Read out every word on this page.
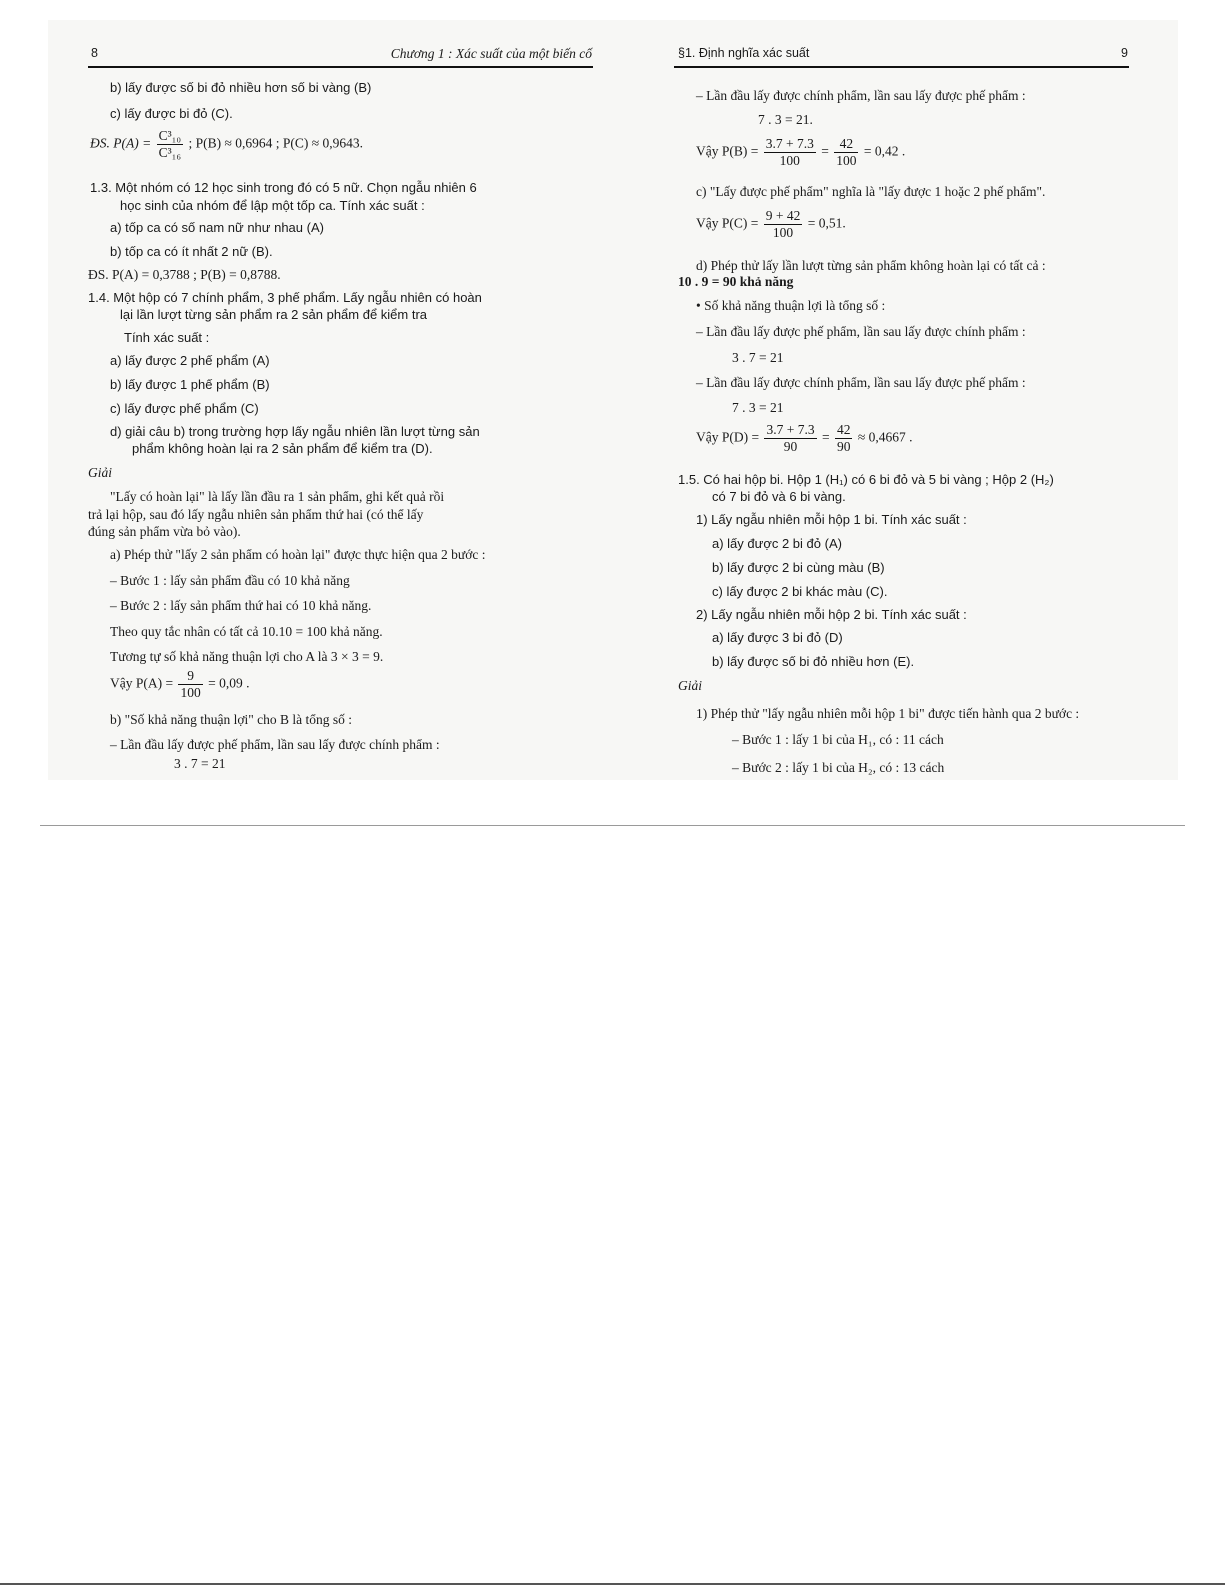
8	Chương 1 : Xác suất của một biến cố
b) lấy được số bi đỏ nhiều hơn số bi vàng (B)
c) lấy được bi đỏ (C).
ĐS. $P(A) = \frac{\text{C³₁₀}}{\text{C³₁₆}}$ ; P(B) ≈ 0,6964 ; P(C) ≈ 0,9643.
1.3. Một nhóm có 12 học sinh trong đó có 5 nữ. Chọn ngẫu nhiên 6
học sinh của nhóm để lập một tốp ca. Tính xác suất :
a) tốp ca có số nam nữ như nhau (A)
b) tốp ca có ít nhất 2 nữ (B).
ĐS. P(A) = 0,3788 ; P(B) = 0,8788.
1.4. Một hộp có 7 chính phẩm, 3 phế phẩm. Lấy ngẫu nhiên có hoàn
lại lần lượt từng sản phẩm ra 2 sản phẩm để kiểm tra
Tính xác suất :
a) lấy được 2 phế phẩm (A)
b) lấy được 1 phế phẩm (B)
c) lấy được phế phẩm (C)
d) giải câu b) trong trường hợp lấy ngẫu nhiên lần lượt từng sản
phẩm không hoàn lại ra 2 sản phẩm để kiểm tra (D).
Giải
"Lấy có hoàn lại" là lấy lần đầu ra 1 sản phẩm, ghi kết quả rồi
trả lại hộp, sau đó lấy ngẫu nhiên sản phẩm thứ hai (có thể lấy
đúng sản phẩm vừa bỏ vào).
a) Phép thử "lấy 2 sản phẩm có hoàn lại" được thực hiện qua 2 bước :
– Bước 1 : lấy sản phẩm đầu có 10 khả năng
– Bước 2 : lấy sản phẩm thứ hai có 10 khả năng.
Theo quy tắc nhân có tất cả 10.10 = 100 khả năng.
Tương tự số khả năng thuận lợi cho A là 3 × 3 = 9.
Vậy $P(A) = \frac{9}{100} = 0,09$ .
b) "Số khả năng thuận lợi" cho B là tổng số :
– Lần đầu lấy được phế phẩm, lần sau lấy được chính phẩm :
3 . 7 = 21
§1. Định nghĩa xác suất	9
– Lần đầu lấy được chính phẩm, lần sau lấy được phế phẩm :
7 . 3 = 21.
Vậy $P(B) = \frac{3.7 + 7.3}{100} = \frac{42}{100} = 0,42$ .
c) "Lấy được phế phẩm" nghĩa là "lấy được 1 hoặc 2 phế phẩm".
Vậy $P(C) = \frac{9 + 42}{100} = 0,51$.
d) Phép thử lấy lần lượt từng sản phẩm không hoàn lại có tất cả :
10 . 9 = 90 khả năng
• Số khả năng thuận lợi là tổng số :
– Lần đầu lấy được phế phẩm, lần sau lấy được chính phẩm :
3 . 7 = 21
– Lần đầu lấy được chính phẩm, lần sau lấy được phế phẩm :
7 . 3 = 21
Vậy $P(D) = \frac{3.7 + 7.3}{90} = \frac{42}{90} \approx 0,4667$ .
1.5. Có hai hộp bi. Hộp 1 (H₁) có 6 bi đỏ và 5 bi vàng ; Hộp 2 (H₂)
có 7 bi đỏ và 6 bi vàng.
1) Lấy ngẫu nhiên mỗi hộp 1 bi. Tính xác suất :
a) lấy được 2 bi đỏ (A)
b) lấy được 2 bi cùng màu (B)
c) lấy được 2 bi khác màu (C).
2) Lấy ngẫu nhiên mỗi hộp 2 bi. Tính xác suất :
a) lấy được 3 bi đỏ (D)
b) lấy được số bi đỏ nhiều hơn (E).
Giải
1) Phép thử "lấy ngẫu nhiên mỗi hộp 1 bi" được tiến hành qua 2 bước :
– Bước 1 : lấy 1 bi của H₁, có : 11 cách
– Bước 2 : lấy 1 bi của H₂, có : 13 cách
